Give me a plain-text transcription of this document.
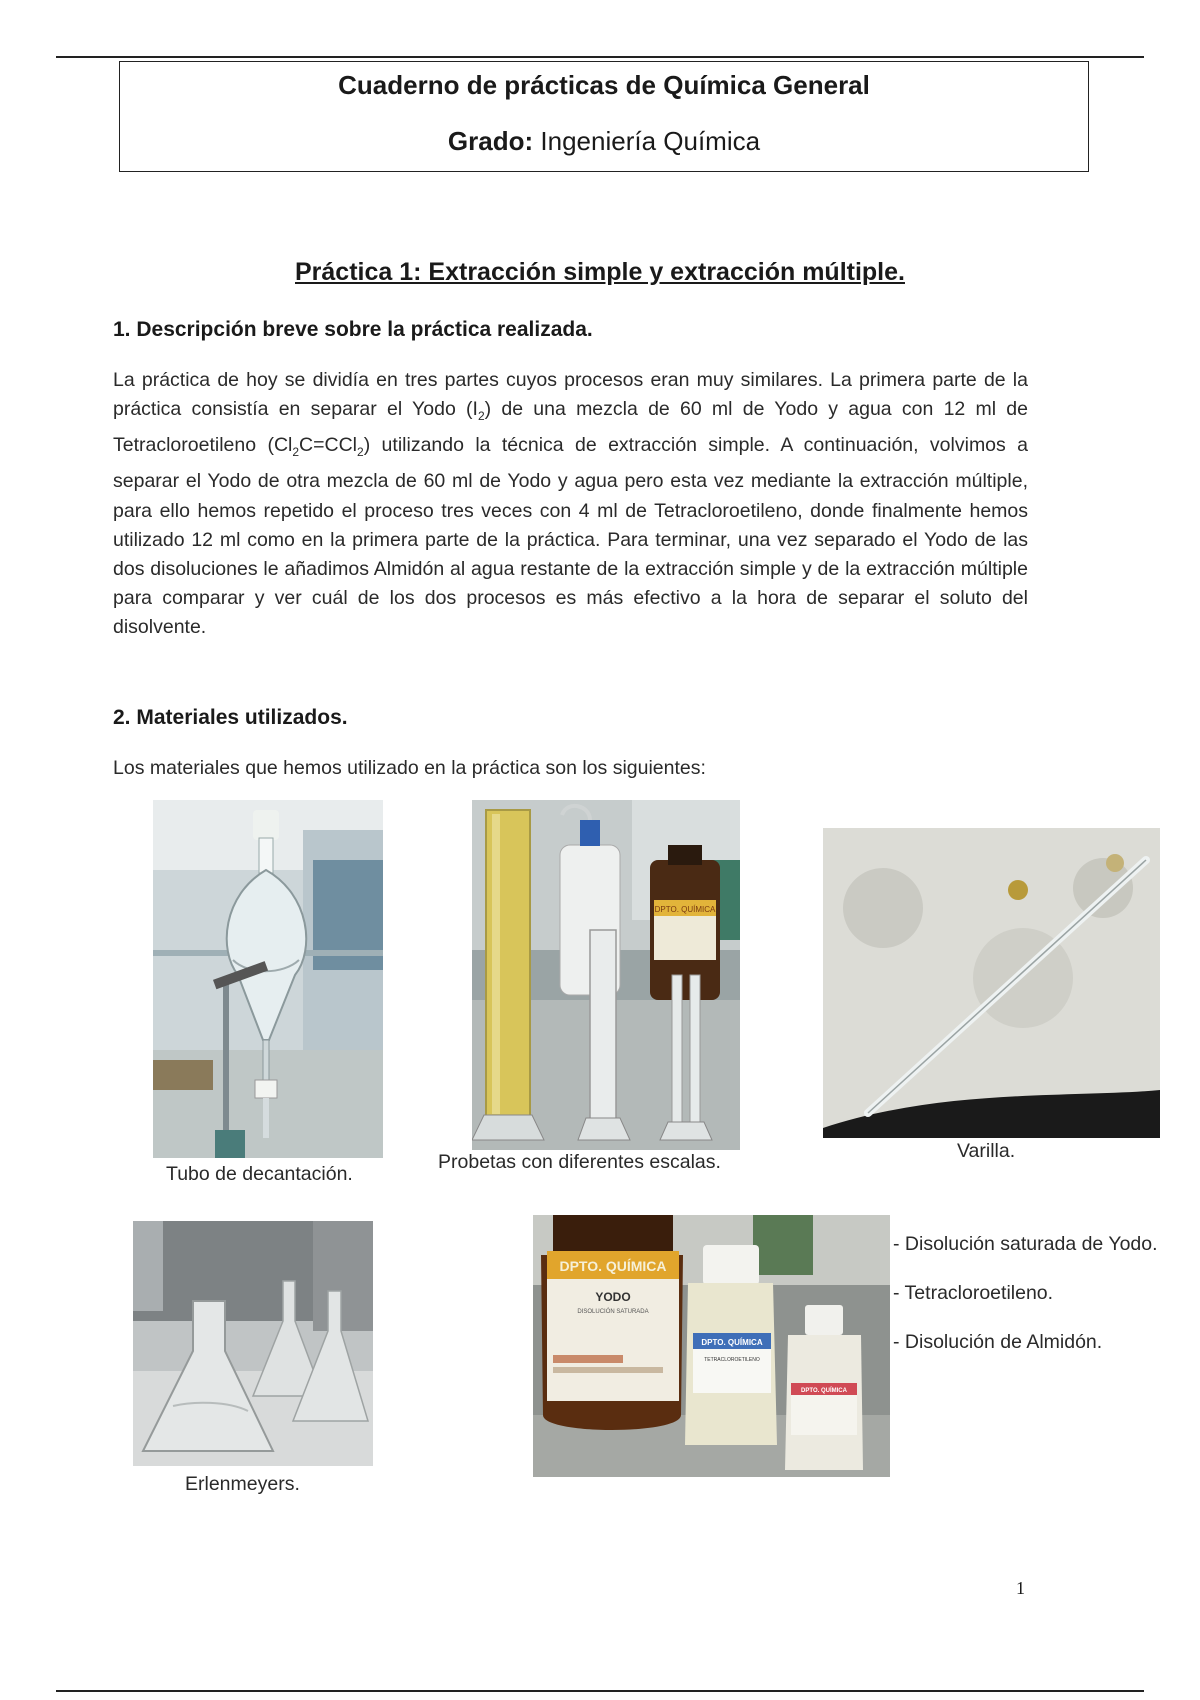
Cuaderno de prácticas de Química General
Grado: Ingeniería Química
Práctica 1: Extracción simple y extracción múltiple.
1. Descripción breve sobre la práctica realizada.
La práctica de hoy se dividía en tres partes cuyos procesos eran muy similares. La primera parte de la práctica consistía en separar el Yodo $(I_2)$ de una mezcla de 60 ml de Yodo y agua con 12 ml de Tetracloroetileno $(Cl_2C=CCl_2)$ utilizando la técnica de extracción simple. A continuación, volvimos a separar el Yodo de otra mezcla de 60 ml de Yodo y agua pero esta vez mediante la extracción múltiple, para ello hemos repetido el proceso tres veces con 4 ml de Tetracloroetileno, donde finalmente hemos utilizado 12 ml como en la primera parte de la práctica. Para terminar, una vez separado el Yodo de las dos disoluciones le añadimos Almidón al agua restante de la extracción simple y de la extracción múltiple para comparar y ver cuál de los dos procesos es más efectivo a la hora de separar el soluto del disolvente.
2. Materiales utilizados.
Los materiales que hemos utilizado en la práctica son los siguientes:
Tubo de decantación.
DPTO. QUÍMICA
Probetas con diferentes escalas.	Varilla.
Erlenmeyers.
DPTO. QUÍMICA
YODO
DISOLUCIÓN SATURADA
DPTO. QUÍMICA
TETRACLOROETILENO
DPTO. QUÍMICA
- Disolución saturada de Yodo.
- Tetracloroetileno.
- Disolución de Almidón.
1
